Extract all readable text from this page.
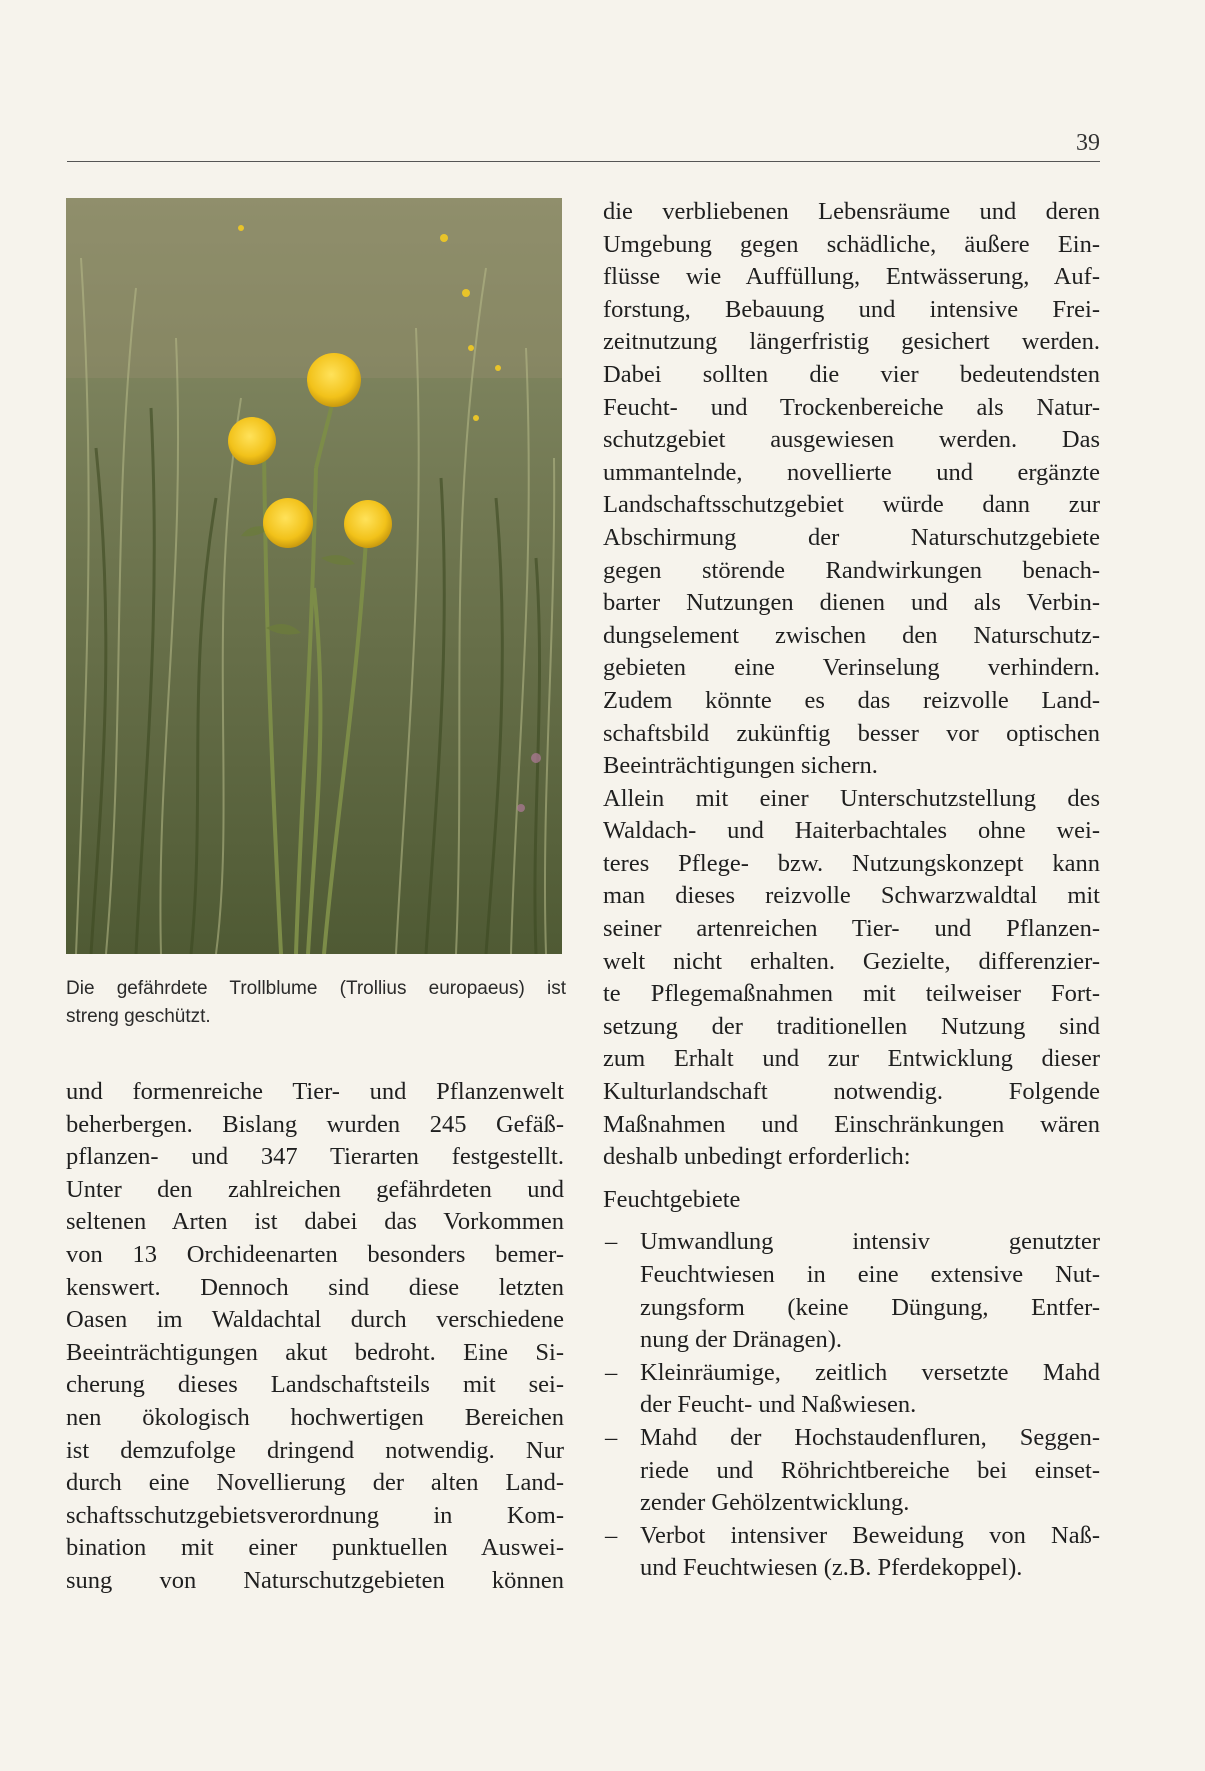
39

Die gefährdete Trollblume (Trollius europaeus) ist
streng geschützt.

und formenreiche Tier- und Pflanzenwelt
beherbergen. Bislang wurden 245 Gefäß-
pflanzen- und 347 Tierarten festgestellt.
Unter den zahlreichen gefährdeten und
seltenen Arten ist dabei das Vorkommen
von 13 Orchideenarten besonders bemer-
kenswert. Dennoch sind diese letzten
Oasen im Waldachtal durch verschiedene
Beeinträchtigungen akut bedroht. Eine Si-
cherung dieses Landschaftsteils mit sei-
nen ökologisch hochwertigen Bereichen
ist demzufolge dringend notwendig. Nur
durch eine Novellierung der alten Land-
schaftsschutzgebietsverordnung in Kom-
bination mit einer punktuellen Auswei-
sung von Naturschutzgebieten können
die verbliebenen Lebensräume und deren
Umgebung gegen schädliche, äußere Ein-
flüsse wie Auffüllung, Entwässerung, Auf-
forstung, Bebauung und intensive Frei-
zeitnutzung längerfristig gesichert werden.
Dabei sollten die vier bedeutendsten
Feucht- und Trockenbereiche als Natur-
schutzgebiet ausgewiesen werden. Das
ummantelnde, novellierte und ergänzte
Landschaftsschutzgebiet würde dann zur
Abschirmung der Naturschutzgebiete
gegen störende Randwirkungen benach-
barter Nutzungen dienen und als Verbin-
dungselement zwischen den Naturschutz-
gebieten eine Verinselung verhindern.
Zudem könnte es das reizvolle Land-
schaftsbild zukünftig besser vor optischen
Beeinträchtigungen sichern.
Allein mit einer Unterschutzstellung des
Waldach- und Haiterbachtales ohne wei-
teres Pflege- bzw. Nutzungskonzept kann
man dieses reizvolle Schwarzwaldtal mit
seiner artenreichen Tier- und Pflanzen-
welt nicht erhalten. Gezielte, differenzier-
te Pflegemaßnahmen mit teilweiser Fort-
setzung der traditionellen Nutzung sind
zum Erhalt und zur Entwicklung dieser
Kulturlandschaft notwendig. Folgende
Maßnahmen und Einschränkungen wären
deshalb unbedingt erforderlich:
Feuchtgebiete
– Umwandlung intensiv genutzter
Feuchtwiesen in eine extensive Nut-
zungsform (keine Düngung, Entfer-
nung der Dränagen).
– Kleinräumige, zeitlich versetzte Mahd
der Feucht- und Naßwiesen.
– Mahd der Hochstaudenfluren, Seggen-
riede und Röhrichtbereiche bei einset-
zender Gehölzentwicklung.
– Verbot intensiver Beweidung von Naß-
und Feuchtwiesen (z.B. Pferdekoppel).
